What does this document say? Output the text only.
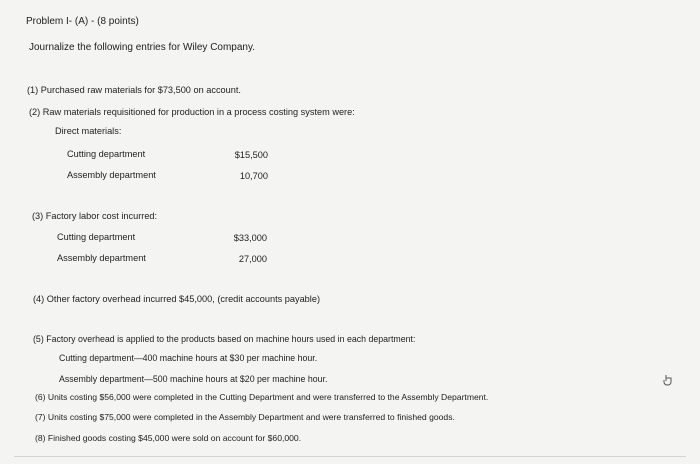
Problem I- (A) - (8 points)
Journalize the following entries for Wiley Company.
(1) Purchased raw materials for $73,500 on account.
(2) Raw materials requisitioned for production in a process costing system were:
Direct materials:
Cutting department	$15,500
Assembly department	10,700
(3) Factory labor cost incurred:
Cutting department	$33,000
Assembly department	27,000
(4) Other factory overhead incurred $45,000, (credit accounts payable)
(5) Factory overhead is applied to the products based on machine hours used in each department:
Cutting department—400 machine hours at $30 per machine hour.
Assembly department—500 machine hours at $20 per machine hour.
(6) Units costing $56,000 were completed in the Cutting Department and were transferred to the Assembly Department.
(7) Units costing $75,000 were completed in the Assembly Department and were transferred to finished goods.
(8) Finished goods costing $45,000 were sold on account for $60,000.
